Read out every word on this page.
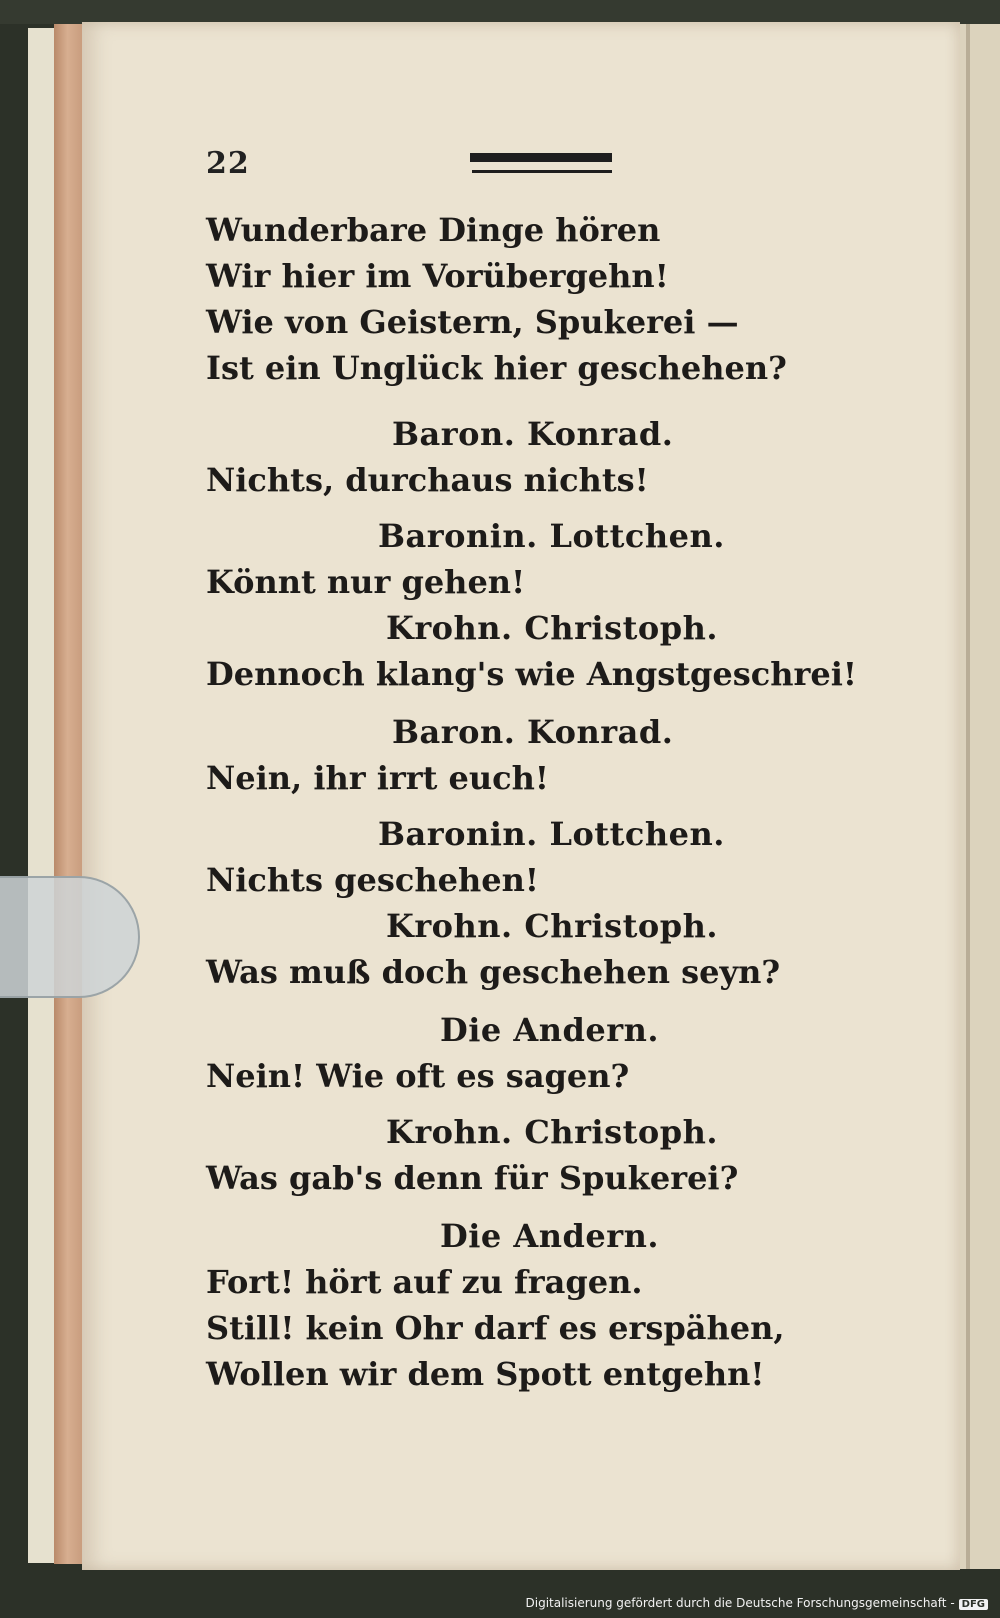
22
Wunderbare Dinge hören
Wir hier im Vorübergehn!
Wie von Geistern, Spukerei —
Ist ein Unglück hier geschehen?
Baron. Konrad.
Nichts, durchaus nichts!
Baronin. Lottchen.
Könnt nur gehen!
Krohn. Christoph.
Dennoch klang's wie Angstgeschrei!
Baron. Konrad.
Nein, ihr irrt euch!
Baronin. Lottchen.
Nichts geschehen!
Krohn. Christoph.
Was muß doch geschehen seyn?
Die Andern.
Nein! Wie oft es sagen?
Krohn. Christoph.
Was gab's denn für Spukerei?
Die Andern.
Fort! hört auf zu fragen.
Still! kein Ohr darf es erspähen,
Wollen wir dem Spott entgehn!
Digitalisierung gefördert durch die Deutsche Forschungsgemeinschaft - DFG
